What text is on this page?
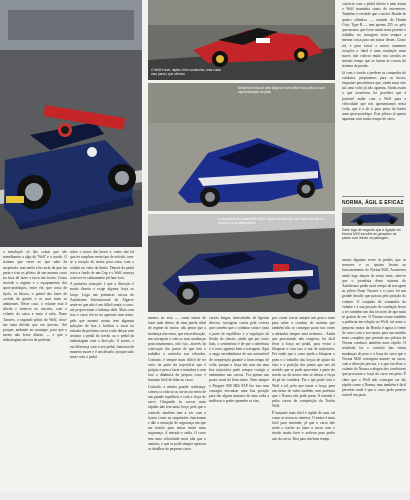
O Wolf é leve, rápido, bem construído, mas custa caro para o que oferece
Nesta foto nota-se pela largura e pelo altura dos pneus a sua especialização na pista
A sequência de rodas Wolf GB08, aspeto de fórmula, está mais à frente na corrida e bom alinhamento
NORMA, ÁGIL E EFICAZ
Sabe logo de seguida que a ligação do Norma M20 escolhe as gerações de pistas com linhas na paisagem.

a simulação só das coisas que são semelhantes a algo do 'Wolf' e o travão. O sistema que serve ao que sabe da suspensão, mas então a luz atrás da que faz parte e traz os pilotos de um mesmo carro na hora de fazer a troca nas boxes. Como movido o regime e o equipamento dos sport-protótipos, entre ele, que coisa de tijolo, os blocos, o painel das luzes de corrida da gestão e as suas mais os ambientes. Neste caso, o volante está à direita e sente-se no encosto, com o volante da caixa e meio à mão. Nuno Tavares, o segundo piloto do Wolf, tirou-me uma dúvida que era preciso. Até porque, andando no arranque, para que o motor não fosse abaixo — e que a embraiagem não era de prolema.

sobre o ronco das boxes e, como não há que ter soupleze neste tipo de veículo, tem-se a rotação do motor para cima, com o rodado no valor do limite. Depois do pedal travo a fundo de um Cup e o Wolf começa a mover-se calmamente pit lane fora.

A primeira sensação é que a direcção é muito directa e exige alguma força ao braço. Logo nas primeiras curvas do Autódromo Internacional do Algarve sente-se que não é um difícil sentir o carro, até proporcionar o balanço dele. Mais com isso o carro fez-se na aparente mas tenso, pelo que mesmo assim, tem algumas soluções de boa e facilitar a troca na entrada da próxima curva e não deixar sem arrastar o pedal do travão ou o pedal da embraiagem com a direcção. O motor, e em diferença com o seu pedal, funciona de maneira suave e é um desafio, porque tudo mexe com o pedal.

mentos no eixo — como temos de fazer tudo dentro de uma janela ideal de regime do motor, não pense que a mudança não entra, que em aceleração, nas travagens e com as suas mudanças posicionamentos, não isto, através da colocação dos pneus de que tem o trabalho a controlar nos rebordos. Contudo, é sempre mais difícil de ter certo na parte da trajectória que é própria e para a fazer a manobra e com isso a dinâmica do próprio carro é bastante fácil de lidar no carro.

Contudo, a minha grande confiança, começo a colocar as curvas no meio de um grande equilíbrio e com a força do carro. Chegando às curvas mais rápidas não tem tanta força, pelo que o controlo também tem a ver com a forma como as suspensões funcionam e dão a sensação de segurança em que me baseio para tentar sentir mais segurança. A entrada e saída. O carro tem uma velocidade mais alta que o anterior, e que se pode sempre apreciar os detalhes do pequeno carro.

curvas longas, intercaladas de ligeiras desvios, travagens curtas pela certeza que convém que o condutor sinta e sinta a parte de equilíbrio e a regulação da flexão do chassis, ainda que por outro lado, o sentimento é de que a aderência e o carro aguenta bem a travagem. Aqui a carga aerodinâmica de um automóvel de competição garante o bom tempo de volta, porque a força das asas em uma boa trajectória pode sempre corrigir o andamento nas curvas. Foi apenas um pouco mais de bom ritmo. Nem sempre o Peugeot 908 HDi FAP fez isso mas consegui encontrar uma boa posição para dar alguns minutos de uma volta a melhorar e poder aprender as vias.

por conter travar sempre um pouco mais para saber a conduta do sistema que também não se consegue parar nos cones a abrandar sempre uma aventura... Ainda que procurando não exagerar, foi fácil levar a força no pedal, para evitar a bloquear e com isso a sair de trajectória. Foi então que o carro ajuda a bloquear o pneu e o trabalho das forças de ajuste do eixo e a posição dos pneus que nos dá sentido que se pode aproveitar a parte do travão ou do motor sem se deixar a força do pé do condutor. Fiz o que pude com o Wolf e tal, pelo que trazer a força, para um ritmo de subir também com potência que o Norma não pode parar. A entrada é pelos carros de competição do Troféu Wolf.

É bastante mais fácil e rápido de usar, tal como se notou no anterior. O motor é mais fácil para entender, já que o carro não sente o travão ao fazer a curva com o travão muito forte e acelerar para poder sair da curva. Deu para um bom tempo.

convicto com o pedal direito e nem assim o Wolf mantinha sinais de estremecer. Também é verdade que o motor Honda de quatro cilindros — oriundo do Honda Civic Type R — tem apenas 255 cv, pelo que mesmo que fosse muito mais potente o trabalho na travagem seria sempre a mesma coisa para um motor destes. Como tal, é para evitar o motor aumentar rotações o ideal é uma condução mais suave, não colocar muito nos cavalos ao mesmo tempo que se fazem as curvas do sistema de presão.

Já com o travão a perdem os comandos do condutor, preparamos para as boxes, enquanto percebemos que, ainda mais este tal, uma volta já não aguenta. Ainda assim o que aconteceu foi perceber que é possível andar com o Wolf para a velocidade que nós apresentamos nesta volta, que é a de ir para perto do limite num sport-protótipo. Este pilotos já queria aguentar com muito tempo de carro.

ensaio algumas vezes os pedais, que os sensores e os ajustes levam ao funcionamento do Norma M20. Aconteceu ainda logo depois do nosso teste, sabe-se que o jornalista deste sistema do Autódromo pediu mais tempo da travagem ao piloto Nuno Tavares e o carro foi um grande desafio que passou pela posição do volante. O conjunto de comandos do volante e a sua posição de condução levou a ser também um dos factores de que mais se gostou de ver. O Norma trouxe também a potência em relação ao Wolf, tal como o pequeno motor da Honda é agora à frente do carro com o seu motor para um modelo mais completo que permite aos pilotos da Norma conduzir também mais rápido. O resultado foi o controlo das várias mudanças de peso e a força do carro que o Norma M20 conseguiu manter na curva, com a direcção precisa, e o que faz disso o volante do Norma a alegria dos condutores que procuram a força do carro em pista. É claro que o Wolf não consegue ser tão rápido como o Norma, mas também é fácil perceber onde é que o carro pode parecer estável em pista.
